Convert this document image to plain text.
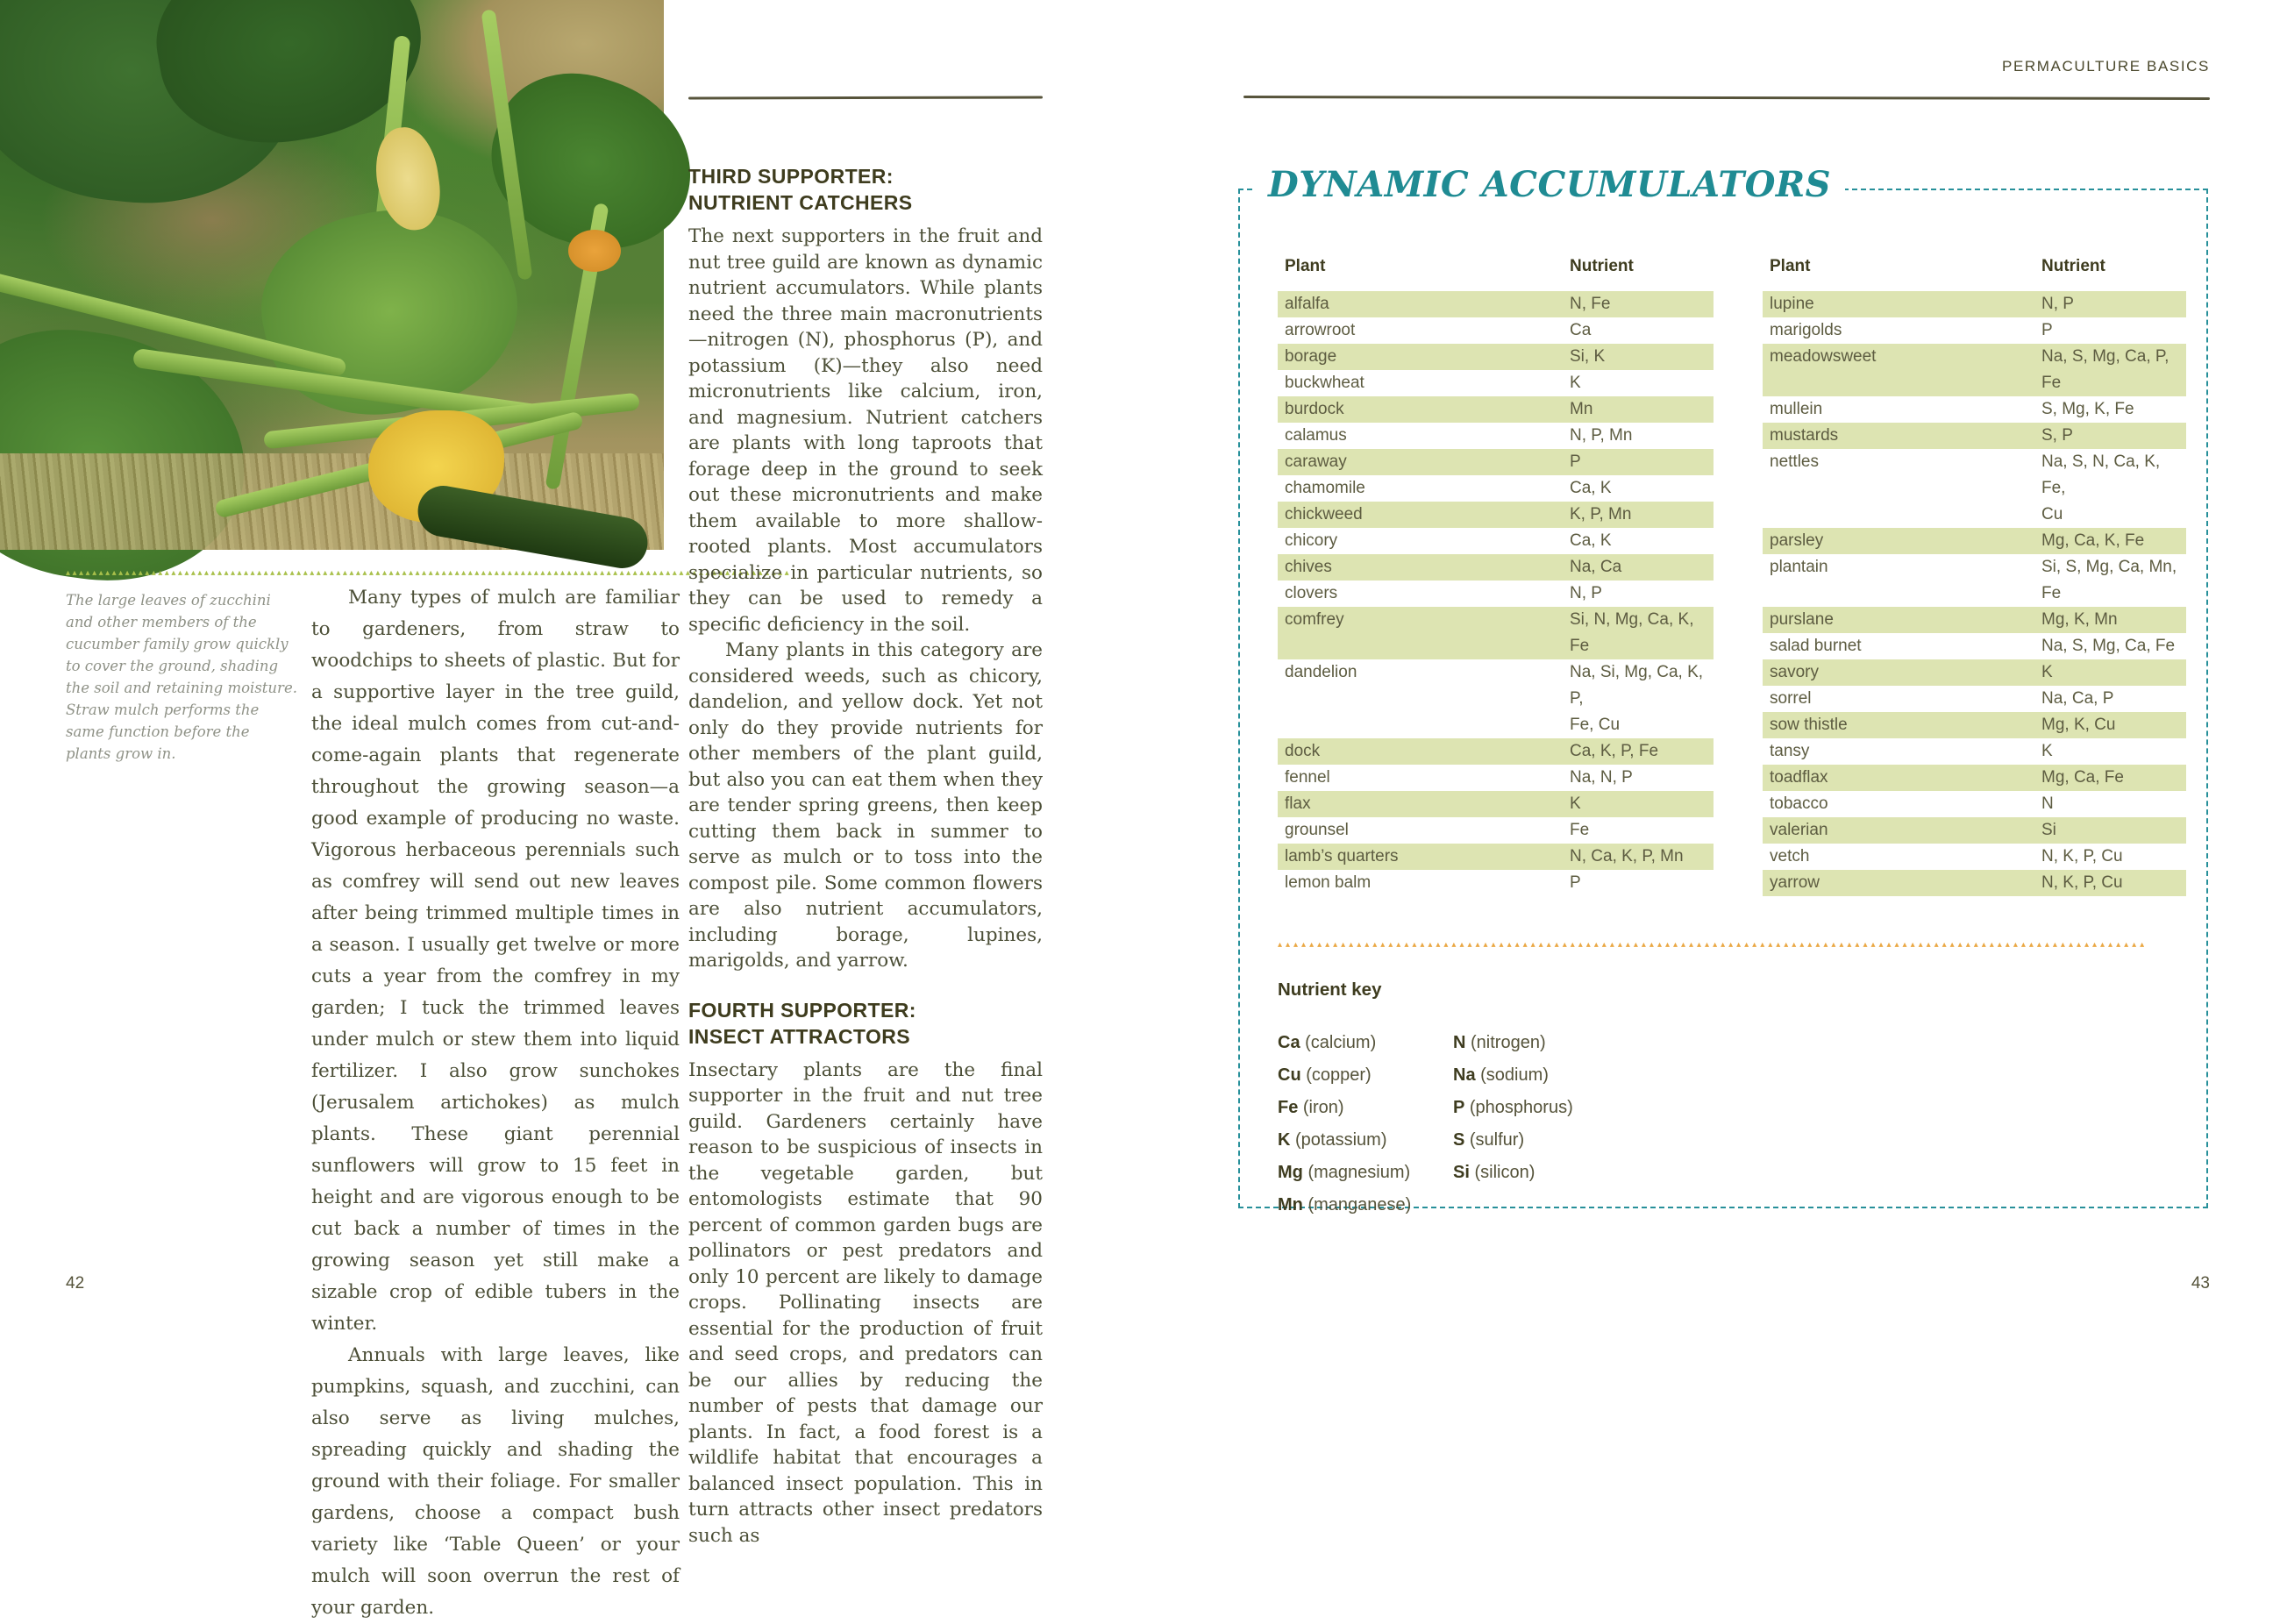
▴▴▴▴▴▴▴▴▴▴▴▴▴▴▴▴▴▴▴▴▴▴▴▴▴▴▴▴▴▴▴▴▴▴▴▴▴▴▴▴▴▴▴▴▴▴▴▴▴▴▴▴▴▴▴▴▴▴▴▴▴▴▴▴▴▴▴▴▴▴▴▴▴▴▴▴▴▴▴▴▴▴▴▴▴▴▴▴▴▴▴▴▴▴▴▴▴▴▴▴▴▴▴▴▴▴▴▴▴▴
The large leaves of zucchini and other members of the cucumber family grow quickly to cover the ground, shading the soil and retaining moisture. Straw mulch performs the same function before the plants grow in.

Many types of mulch are familiar to gardeners, from straw to woodchips to sheets of plastic. But for a supportive layer in the tree guild, the ideal mulch comes from cut-and-come-again plants that regenerate throughout the growing season—a good example of producing no waste. Vigorous herbaceous perennials such as comfrey will send out new leaves after being trimmed multiple times in a season. I usually get twelve or more cuts a year from the comfrey in my garden; I tuck the trimmed leaves under mulch or stew them into liquid fertilizer. I also grow sunchokes (Jerusalem artichokes) as mulch plants. These giant perennial sunflowers will grow to 15 feet in height and are vigorous enough to be cut back a number of times in the growing season yet still make a sizable crop of edible tubers in the winter.

Annuals with large leaves, like pumpkins, squash, and zucchini, can also serve as living mulches, spreading quickly and shading the ground with their foliage. For smaller gardens, choose a compact bush variety like ‘Table Queen’ or your mulch will soon overrun the rest of your garden.

THIRD SUPPORTER:
NUTRIENT CATCHERS

The next supporters in the fruit and nut tree guild are known as dynamic nutrient accumulators. While plants need the three main macronutrients—nitrogen (N), phosphorus (P), and potassium (K)—they also need micronutrients like calcium, iron, and magnesium. Nutrient catchers are plants with long taproots that forage deep in the ground to seek out these micronutrients and make them available to more shallow-rooted plants. Most accumulators specialize in particular nutrients, so they can be used to remedy a specific deficiency in the soil.

Many plants in this category are considered weeds, such as chicory, dandelion, and yellow dock. Yet not only do they provide nutrients for other members of the plant guild, but also you can eat them when they are tender spring greens, then keep cutting them back in summer to serve as mulch or to toss into the compost pile. Some common flowers are also nutrient accumulators, including borage, lupines, marigolds, and yarrow.

FOURTH SUPPORTER:
INSECT ATTRACTORS

Insectary plants are the final supporter in the fruit and nut tree guild. Gardeners certainly have reason to be suspicious of insects in the vegetable garden, but entomologists estimate that 90 percent of common garden bugs are pollinators or pest predators and only 10 percent are likely to damage crops. Pollinating insects are essential for the production of fruit and seed crops, and predators can be our allies by reducing the number of pests that damage our plants. In fact, a food forest is a wildlife habitat that encourages a balanced insect population. This in turn attracts other insect predators such as

PERMACULTURE BASICS
DYNAMIC ACCUMULATORS
Plant	Nutrient
alfalfa	N, Fe
arrowroot	Ca
borage	Si, K
buckwheat	K
burdock	Mn
calamus	N, P, Mn
caraway	P
chamomile	Ca, K
chickweed	K, P, Mn
chicory	Ca, K
chives	Na, Ca
clovers	N, P
comfrey	Si, N, Mg, Ca, K, Fe
dandelion	Na, Si, Mg, Ca, K, P,
Fe, Cu
dock	Ca, K, P, Fe
fennel	Na, N, P
flax	K
grounsel	Fe
lamb’s quarters	N, Ca, K, P, Mn
lemon balm	P
Plant	Nutrient
lupine	N, P
marigolds	P
meadowsweet	Na, S, Mg, Ca, P, Fe
mullein	S, Mg, K, Fe
mustards	S, P
nettles	Na, S, N, Ca, K, Fe,
Cu
parsley	Mg, Ca, K, Fe
plantain	Si, S, Mg, Ca, Mn, Fe
purslane	Mg, K, Mn
salad burnet	Na, S, Mg, Ca, Fe
savory	K
sorrel	Na, Ca, P
sow thistle	Mg, K, Cu
tansy	K
toadflax	Mg, Ca, Fe
tobacco	N
valerian	Si
vetch	N, K, P, Cu
yarrow	N, K, P, Cu
▴▴▴▴▴▴▴▴▴▴▴▴▴▴▴▴▴▴▴▴▴▴▴▴▴▴▴▴▴▴▴▴▴▴▴▴▴▴▴▴▴▴▴▴▴▴▴▴▴▴▴▴▴▴▴▴▴▴▴▴▴▴▴▴▴▴▴▴▴▴▴▴▴▴▴▴▴▴▴▴▴▴▴▴▴▴▴▴▴▴▴▴▴▴▴▴▴▴▴▴▴▴▴▴▴▴▴▴▴▴
Nutrient key
Ca (calcium)
Cu (copper)
Fe (iron)
K (potassium)
Mg (magnesium)
Mn (manganese)
N (nitrogen)
Na (sodium)
P (phosphorus)
S (sulfur)
Si (silicon)
42	43
